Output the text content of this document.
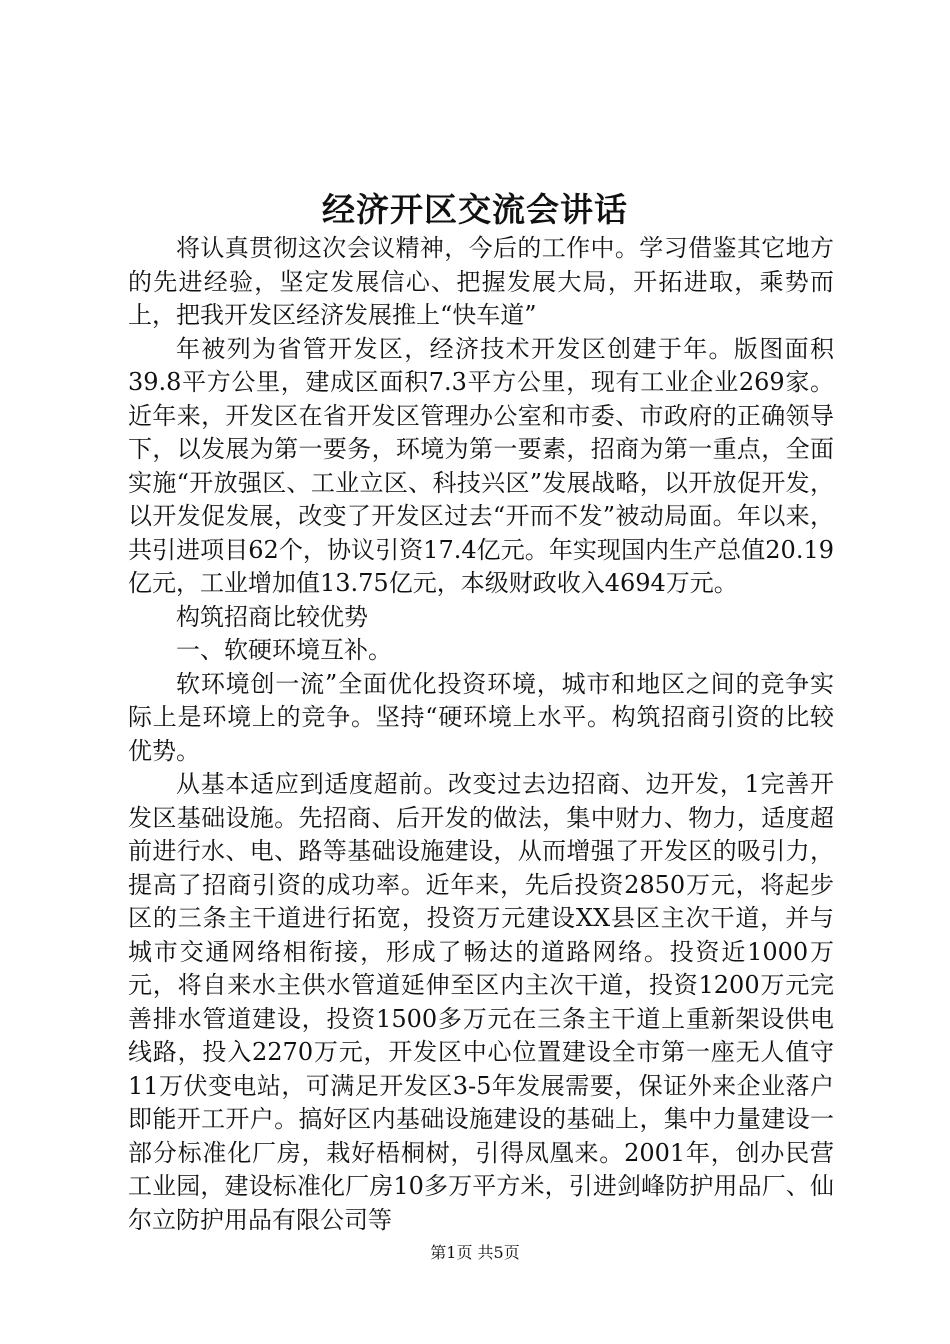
经济开区交流会讲话

将认真贯彻这次会议精神，今后的工作中。学习借鉴其它地方的先进经验，坚定发展信心、把握发展大局，开拓进取，乘势而上，把我开发区经济发展推上“快车道”

年被列为省管开发区，经济技术开发区创建于年。版图面积39.8平方公里，建成区面积7.3平方公里，现有工业企业269家。近年来，开发区在省开发区管理办公室和市委、市政府的正确领导下，以发展为第一要务，环境为第一要素，招商为第一重点，全面实施“开放强区、工业立区、科技兴区”发展战略，以开放促开发，以开发促发展，改变了开发区过去“开而不发”被动局面。年以来，共引进项目62个，协议引资17.4亿元。年实现国内生产总值20.19亿元，工业增加值13.75亿元，本级财政收入4694万元。

构筑招商比较优势

一、软硬环境互补。

软环境创一流”全面优化投资环境，城市和地区之间的竞争实际上是环境上的竞争。坚持“硬环境上水平。构筑招商引资的比较优势。

从基本适应到适度超前。改变过去边招商、边开发，1完善开发区基础设施。先招商、后开发的做法，集中财力、物力，适度超前进行水、电、路等基础设施建设，从而增强了开发区的吸引力，提高了招商引资的成功率。近年来，先后投资2850万元，将起步区的三条主干道进行拓宽，投资万元建设XX县区主次干道，并与城市交通网络相衔接，形成了畅达的道路网络。投资近1000万元，将自来水主供水管道延伸至区内主次干道，投资1200万元完善排水管道建设，投资1500多万元在三条主干道上重新架设供电线路，投入2270万元，开发区中心位置建设全市第一座无人值守11万伏变电站，可满足开发区3-5年发展需要，保证外来企业落户即能开工开户。搞好区内基础设施建设的基础上，集中力量建设一部分标准化厂房，栽好梧桐树，引得凤凰来。2001年，创办民营工业园，建设标准化厂房10多万平方米，引进剑峰防护用品厂、仙尔立防护用品有限公司等

第1页 共5页
